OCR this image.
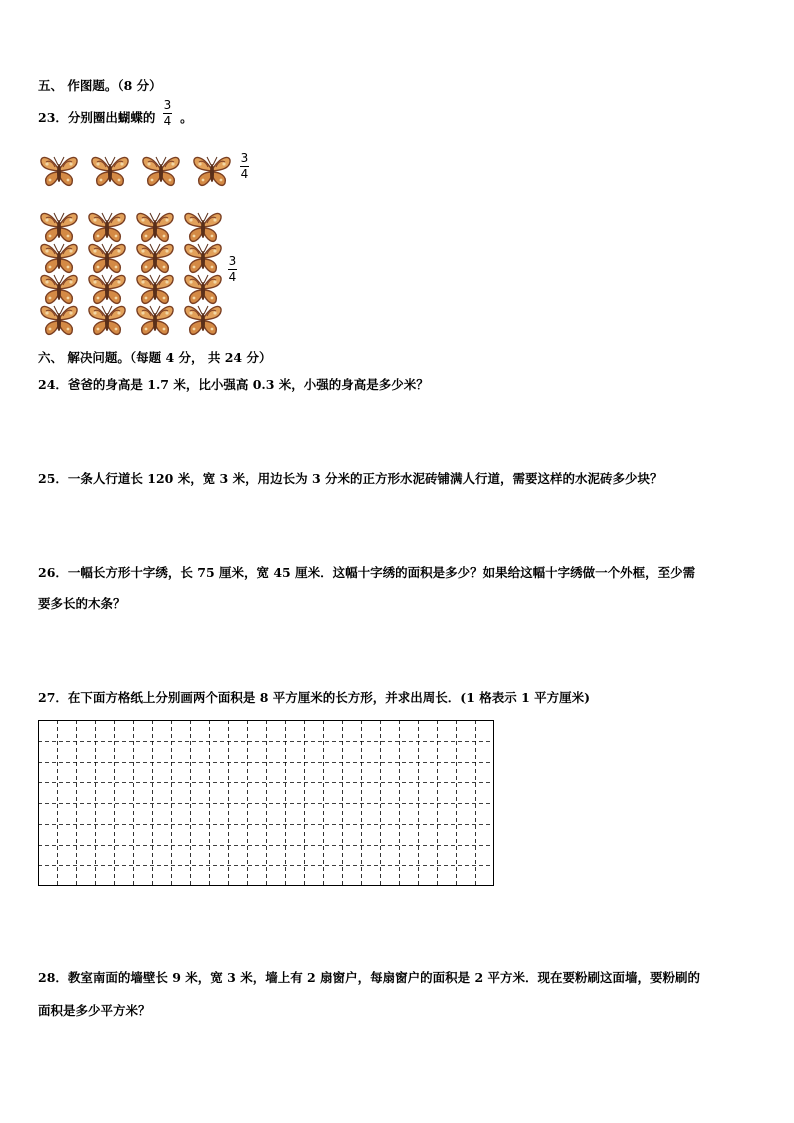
五、 作图题。（8 分）
23．分别圈出蝴蝶的 。
3
4
3
4
3
4
六、 解决问题。（每题 4 分， 共 24 分）
24．爸爸的身高是 1.7 米，比小强高 0.3 米，小强的身高是多少米？
25．一条人行道长 120 米，宽 3 米，用边长为 3 分米的正方形水泥砖铺满人行道，需要这样的水泥砖多少块？
26．一幅长方形十字绣，长 75 厘米，宽 45 厘米．这幅十字绣的面积是多少？如果给这幅十字绣做一个外框，至少需
要多长的木条？
27．在下面方格纸上分别画两个面积是 8 平方厘米的长方形，并求出周长．(1 格表示 1 平方厘米)
28．教室南面的墙壁长 9 米，宽 3 米，墙上有 2 扇窗户，每扇窗户的面积是 2 平方米．现在要粉刷这面墙，要粉刷的
面积是多少平方米？
